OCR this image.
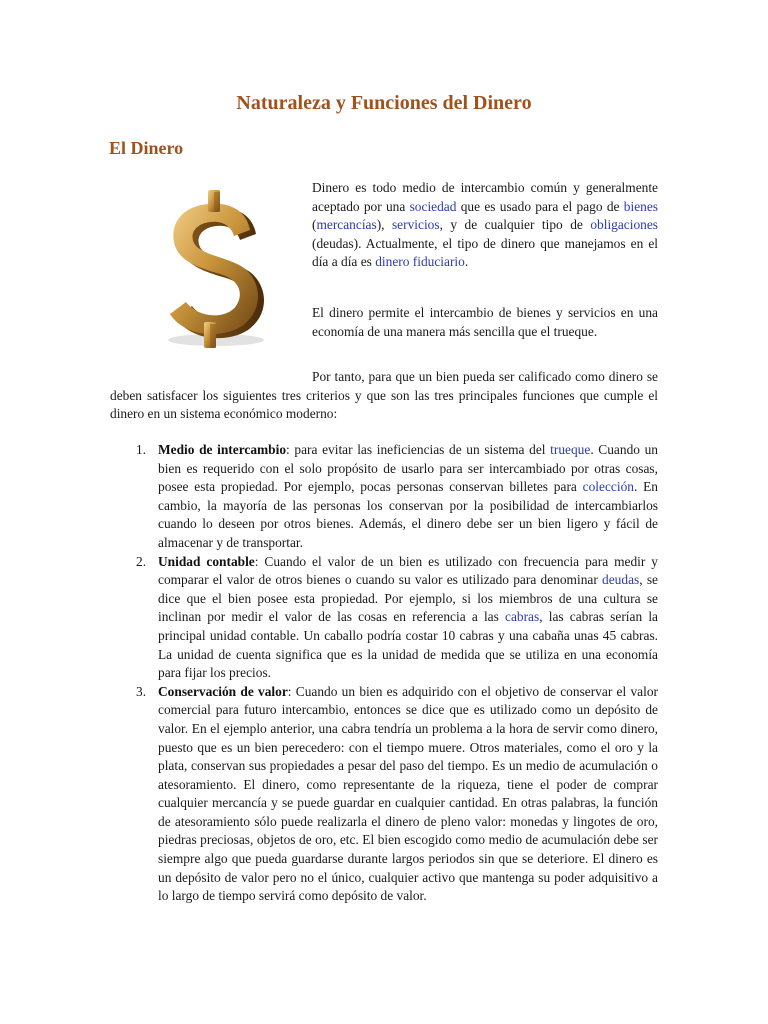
Naturaleza y Funciones del Dinero
El Dinero

Dinero es todo medio de intercambio común y generalmente aceptado por una sociedad que es usado para el pago de bienes (mercancías), servicios, y de cualquier tipo de obligaciones (deudas). Actualmente, el tipo de dinero que manejamos en el día a día es dinero fiduciario.

El dinero permite el intercambio de bienes y servicios en una economía de una manera más sencilla que el trueque.

Por tanto, para que un bien pueda ser calificado como dinero se deben satisfacer los siguientes tres criterios y que son las tres principales funciones que cumple el dinero en un sistema económico moderno:

1. Medio de intercambio: para evitar las ineficiencias de un sistema del trueque. Cuando un bien es requerido con el solo propósito de usarlo para ser intercambiado por otras cosas, posee esta propiedad. Por ejemplo, pocas personas conservan billetes para colección. En cambio, la mayoría de las personas los conservan por la posibilidad de intercambiarlos cuando lo deseen por otros bienes. Además, el dinero debe ser un bien ligero y fácil de almacenar y de transportar.
2. Unidad contable: Cuando el valor de un bien es utilizado con frecuencia para medir y comparar el valor de otros bienes o cuando su valor es utilizado para denominar deudas, se dice que el bien posee esta propiedad. Por ejemplo, si los miembros de una cultura se inclinan por medir el valor de las cosas en referencia a las cabras, las cabras serían la principal unidad contable. Un caballo podría costar 10 cabras y una cabaña unas 45 cabras. La unidad de cuenta significa que es la unidad de medida que se utiliza en una economía para fijar los precios.
3. Conservación de valor: Cuando un bien es adquirido con el objetivo de conservar el valor comercial para futuro intercambio, entonces se dice que es utilizado como un depósito de valor. En el ejemplo anterior, una cabra tendría un problema a la hora de servir como dinero, puesto que es un bien perecedero: con el tiempo muere. Otros materiales, como el oro y la plata, conservan sus propiedades a pesar del paso del tiempo. Es un medio de acumulación o atesoramiento. El dinero, como representante de la riqueza, tiene el poder de comprar cualquier mercancía y se puede guardar en cualquier cantidad. En otras palabras, la función de atesoramiento sólo puede realizarla el dinero de pleno valor: monedas y lingotes de oro, piedras preciosas, objetos de oro, etc. El bien escogido como medio de acumulación debe ser siempre algo que pueda guardarse durante largos periodos sin que se deteriore. El dinero es un depósito de valor pero no el único, cualquier activo que mantenga su poder adquisitivo a lo largo de tiempo servirá como depósito de valor.
